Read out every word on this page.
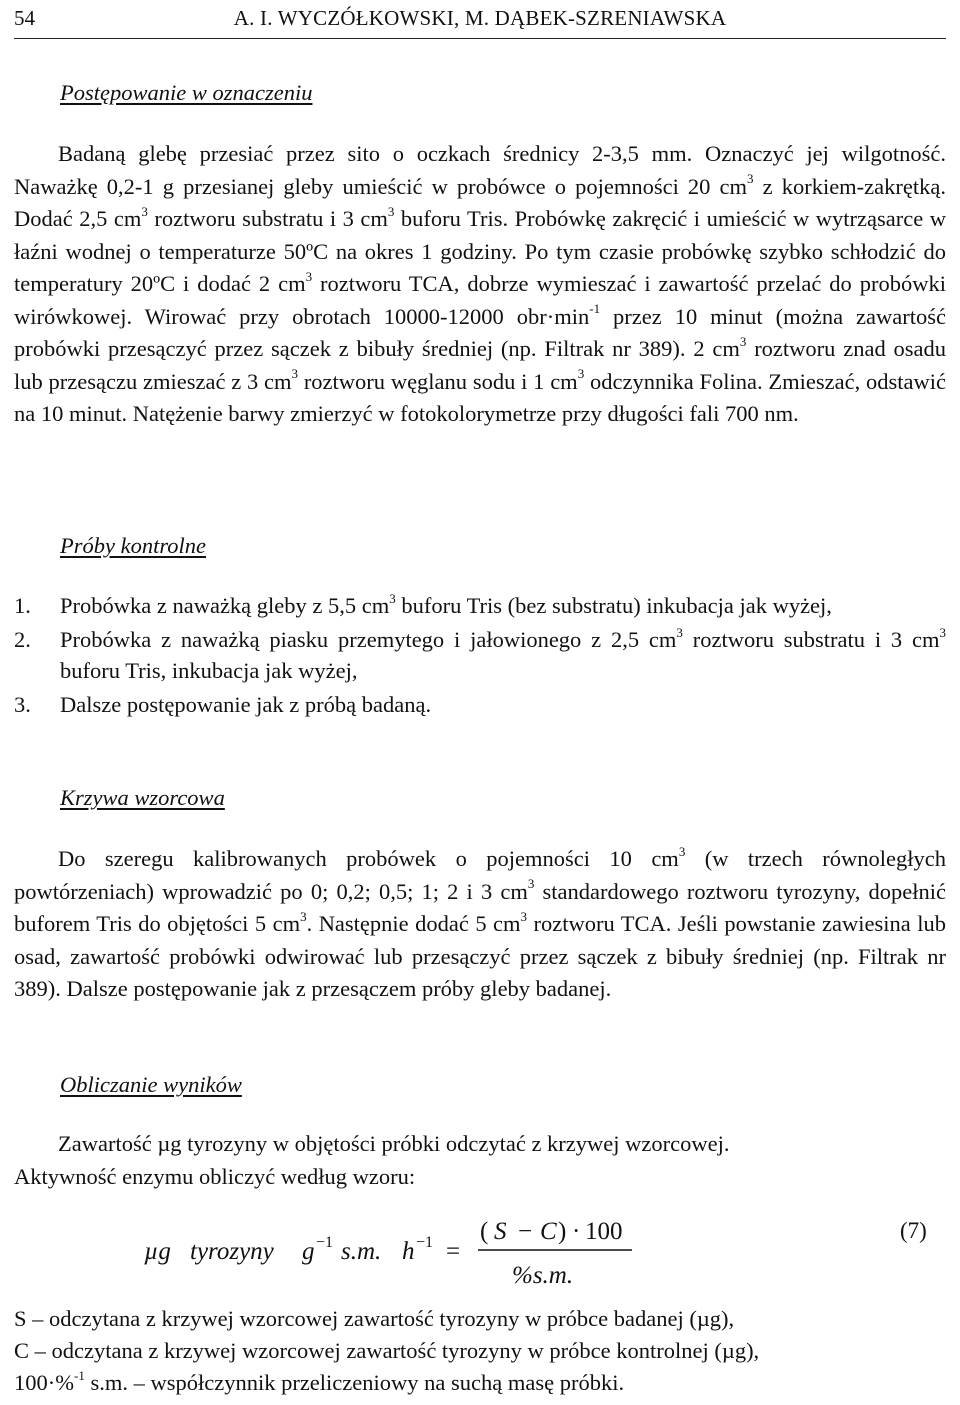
54	A. I. WYCZÓŁKOWSKI, M. DĄBEK-SZRENIAWSKA
Postępowanie w oznaczeniu

Badaną glebę przesiać przez sito o oczkach średnicy 2-3,5 mm. Oznaczyć jej wilgotność. Naważkę 0,2-1 g przesianej gleby umieścić w probówce o pojemności 20 $cm^3$ z korkiem-zakrętką. Dodać 2,5 $cm^3$ roztworu substratu i 3 $cm^3$ buforu Tris. Probówkę zakręcić i umieścić w wytrząsarce w łaźni wodnej o temperaturze 50ºC na okres 1 godziny. Po tym czasie probówkę szybko schłodzić do temperatury 20ºC i dodać 2 $cm^3$ roztworu TCA, dobrze wymieszać i zawartość przelać do probówki wirówkowej. Wirować przy obrotach 10000-12000 $obr\cdot\min^{-1}$ przez 10 minut (można zawartość probówki przesączyć przez sączek z bibuły średniej (np. Filtrak nr 389). 2 $cm^3$ roztworu znad osadu lub przesączu zmieszać z 3 $cm^3$ roztworu węglanu sodu i 1 $cm^3$ odczynnika Folina. Zmieszać, odstawić na 10 minut. Natężenie barwy zmierzyć w fotokolorymetrze przy długości fali 700 nm.

Próby kontrolne
1. Probówka z naważką gleby z 5,5 $cm^3$ buforu Tris (bez substratu) inkubacja jak wyżej,
2. Probówka z naważką piasku przemytego i jałowionego z 2,5 $cm^3$ roztworu substratu i 3 $cm^3$ buforu Tris, inkubacja jak wyżej,
3. Dalsze postępowanie jak z próbą badaną.
Krzywa wzorcowa

Do szeregu kalibrowanych probówek o pojemności 10 $cm^3$ (w trzech równoległych powtórzeniach) wprowadzić po 0; 0,2; 0,5; 1; 2 i 3 $cm^3$ standardowego roztworu tyrozyny, dopełnić buforem Tris do objętości 5 $cm^3$. Następnie dodać 5 $cm^3$ roztworu TCA. Jeśli powstanie zawiesina lub osad, zawartość probówki odwirować lub przesączyć przez sączek z bibuły średniej (np. Filtrak nr 389). Dalsze postępowanie jak z przesączem próby gleby badanej.

Obliczanie wyników

Zawartość µg tyrozyny w objętości próbki odczytać z krzywej wzorcowej.
Aktywność enzymu obliczyć według wzoru:

µg tyrozyny g −1 s.m. h −1 =
( S − C ) · 100
%s.m.
(7)
S – odczytana z krzywej wzorcowej zawartość tyrozyny w próbce badanej (µg),
C – odczytana z krzywej wzorcowej zawartość tyrozyny w próbce kontrolnej (µg),
100·%$^{-1}$ s.m. – współczynnik przeliczeniowy na suchą masę próbki.
